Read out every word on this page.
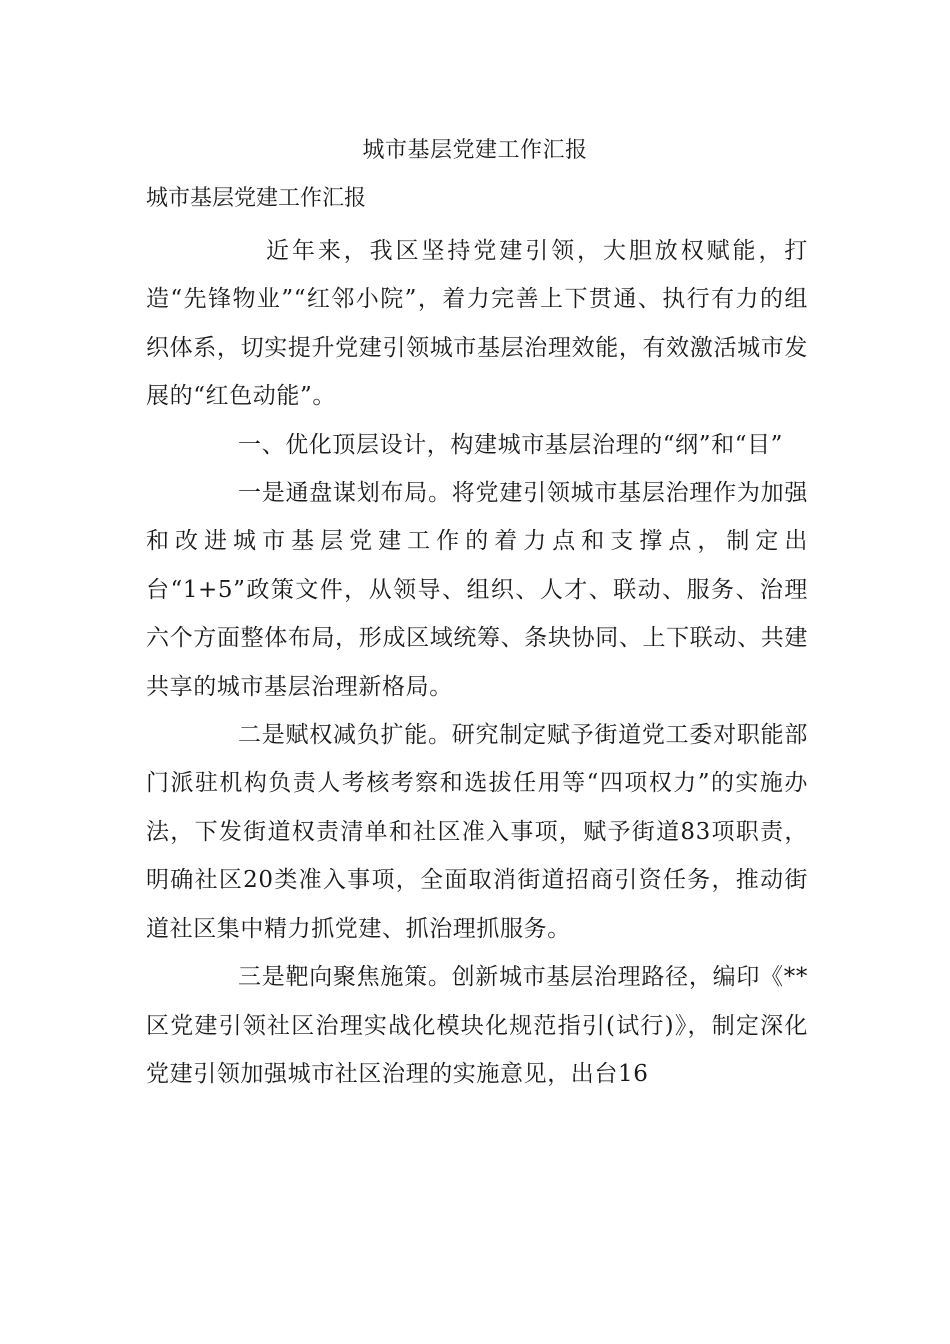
城市基层党建工作汇报
城市基层党建工作汇报

近年来，我区坚持党建引领，大胆放权赋能，打造“先锋物业”“红邻小院”，着力完善上下贯通、执行有力的组织体系，切实提升党建引领城市基层治理效能，有效激活城市发展的“红色动能”。

一、优化顶层设计，构建城市基层治理的“纲”和“目”

一是通盘谋划布局。将党建引领城市基层治理作为加强和改进城市基层党建工作的着力点和支撑点，制定出台“1+5”政策文件，从领导、组织、人才、联动、服务、治理六个方面整体布局，形成区域统筹、条块协同、上下联动、共建共享的城市基层治理新格局。

二是赋权减负扩能。研究制定赋予街道党工委对职能部门派驻机构负责人考核考察和选拔任用等“四项权力”的实施办法，下发街道权责清单和社区准入事项，赋予街道83项职责，明确社区20类准入事项，全面取消街道招商引资任务，推动街道社区集中精力抓党建、抓治理抓服务。

三是靶向聚焦施策。创新城市基层治理路径，编印《**区党建引领社区治理实战化模块化规范指引(试行)》，制定深化党建引领加强城市社区治理的实施意见，出台16
